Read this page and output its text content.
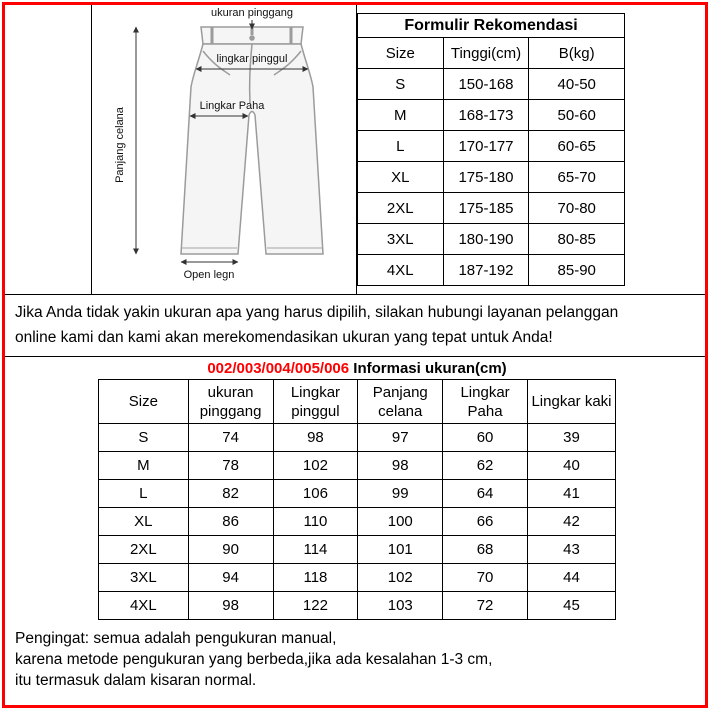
ukuran pinggang
lingkar pinggul
Lingkar Paha
Panjang celana
Open legn
Formulir Rekomendasi		
Size	Tinggi(cm)	B(kg)
S	150-168	40-50
M	168-173	50-60
L	170-177	60-65
XL	175-180	65-70
2XL	175-185	70-80
3XL	180-190	80-85
4XL	187-192	85-90
Jika Anda tidak yakin ukuran apa yang harus dipilih, silakan hubungi layanan pelanggan
online kami dan kami akan merekomendasikan ukuran yang tepat untuk Anda!
002/003/004/005/006 Informasi ukuran(cm)
Size	ukuran pinggang	Lingkar pinggul	Panjang celana	Lingkar Paha	Lingkar kaki
S	74	98	97	60	39
M	78	102	98	62	40
L	82	106	99	64	41
XL	86	110	100	66	42
2XL	90	114	101	68	43
3XL	94	118	102	70	44
4XL	98	122	103	72	45
Pengingat: semua adalah pengukuran manual,
karena metode pengukuran yang berbeda,jika ada kesalahan 1-3 cm,
itu termasuk dalam kisaran normal.
